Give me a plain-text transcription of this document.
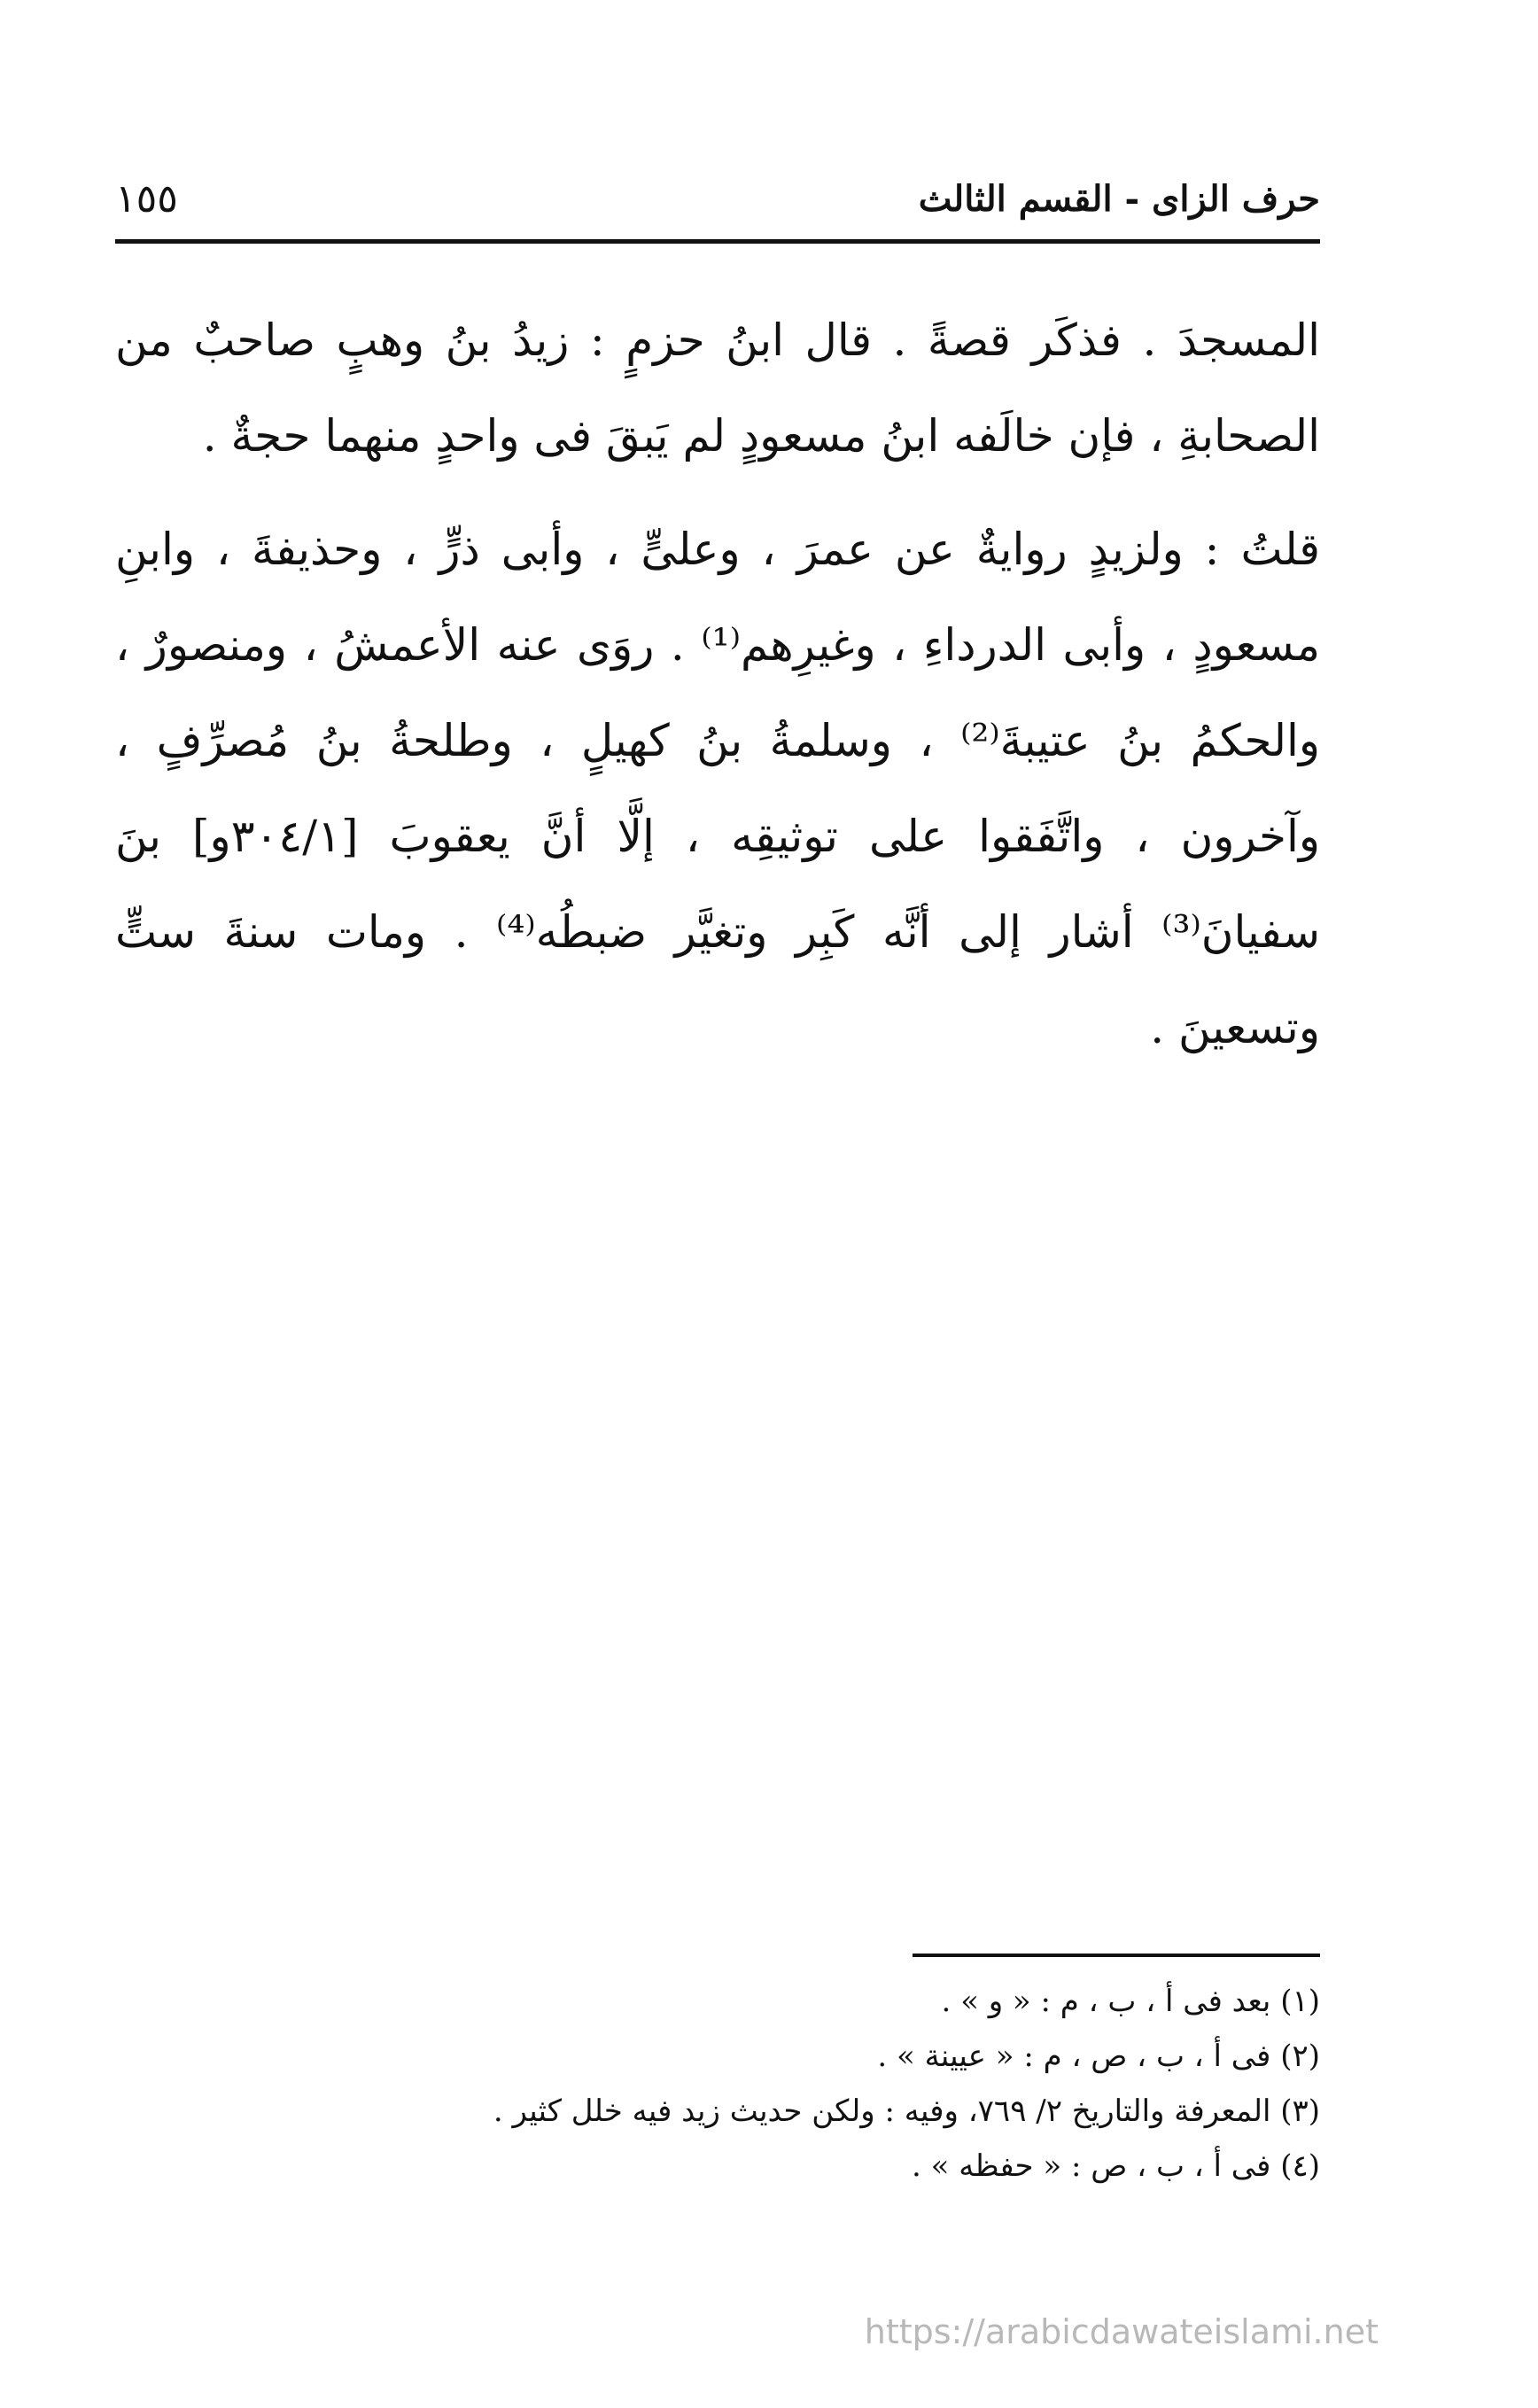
١٥٥	حرف الزاى - القسم الثالث

المسجدَ . فذكَر قصةً . قال ابنُ حزمٍ : زيدُ بنُ وهبٍ صاحبٌ من الصحابةِ ، فإن خالَفه ابنُ مسعودٍ لم يَبقَ فى واحدٍ منهما حجةٌ .

قلتُ : ولزيدٍ روايةٌ عن عمرَ ، وعلىٍّ ، وأبى ذرٍّ ، وحذيفةَ ، وابنِ مسعودٍ ، وأبى الدرداءِ ، وغيرِهم⁽¹⁾ . روَى عنه الأعمشُ ، ومنصورٌ ، والحكمُ بنُ عتيبةَ⁽²⁾ ، وسلمةُ بنُ كهيلٍ ، وطلحةُ بنُ مُصرِّفٍ ، وآخرون ، واتَّفَقوا على توثيقِه ، إلَّا أنَّ يعقوبَ [٣٠٤/١و] بنَ سفيانَ⁽³⁾ أشار إلى أنَّه كَبِر وتغيَّر ضبطُه⁽⁴⁾ . ومات سنةَ ستٍّ وتسعينَ .

(١) بعد فى أ ، ب ، م : « و » .
(٢) فى أ ، ب ، ص ، م : « عيينة » .
(٣) المعرفة والتاريخ ٢/ ٧٦٩، وفيه : ولكن حديث زيد فيه خلل كثير .
(٤) فى أ ، ب ، ص : « حفظه » .
https://arabicdawateislami.net
